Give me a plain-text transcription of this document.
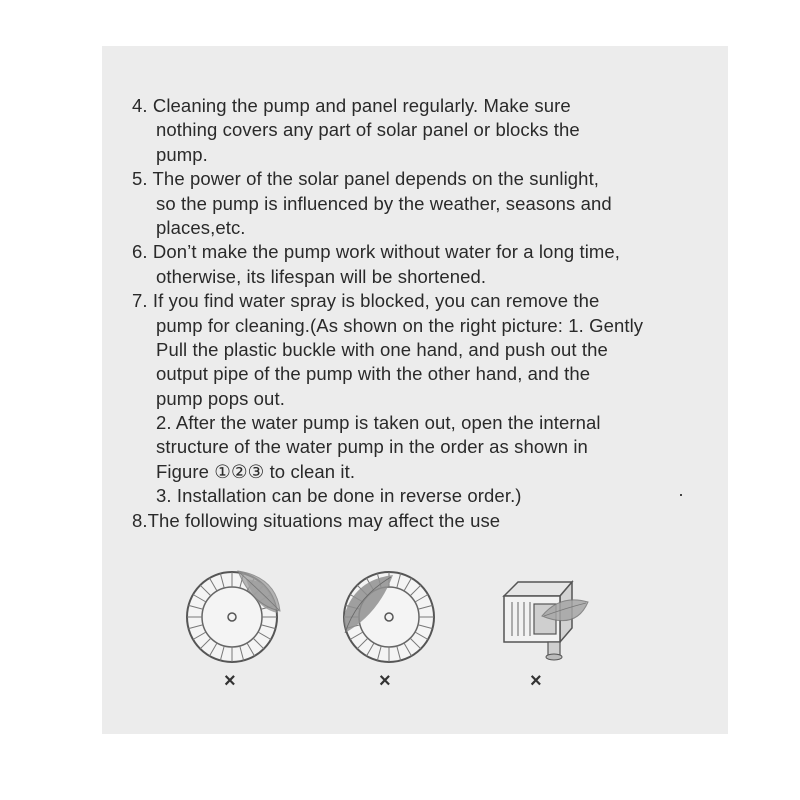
4. Cleaning the pump and panel regularly. Make sure
nothing covers any part of solar panel or blocks the
pump.
5. The power of the solar panel depends on the sunlight,
so the pump is influenced by the weather, seasons and
places,etc.
6. Don’t make the pump work without water for a long time,
otherwise, its lifespan will be shortened.
7. If you find water spray is blocked, you can remove the
pump for cleaning.(As shown on the right picture: 1. Gently
Pull the plastic buckle with one hand, and push out the
output pipe of the pump with the other hand, and the
pump pops out.
2. After the water pump is taken out, open the internal
structure of the water pump in the order as shown in
Figure ①②③ to clean it.
3. Installation can be done in reverse order.)
8.The following situations may affect the use
×	×	×
